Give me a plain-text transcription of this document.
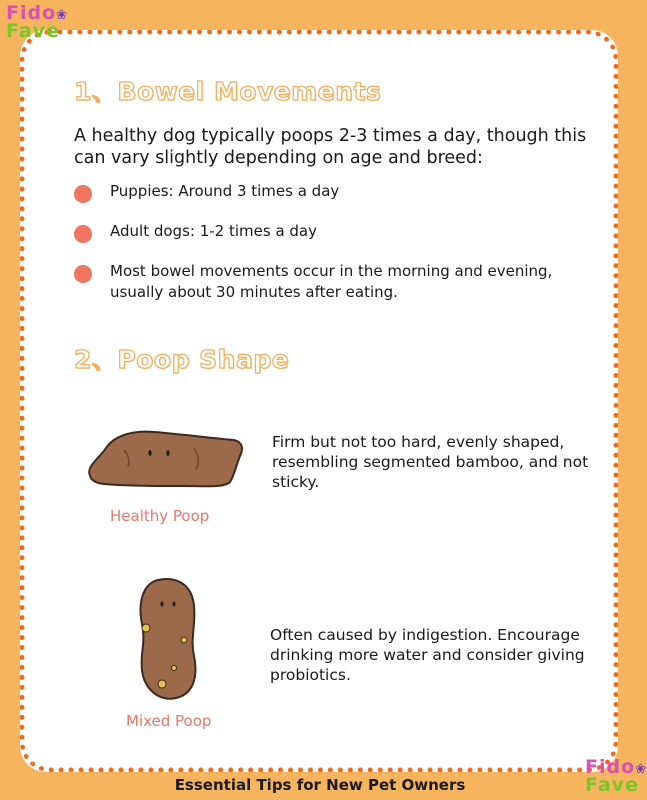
Fido❀
Fave
1、Bowel Movements
A healthy dog typically poops 2-3 times a day, though this can vary slightly depending on age and breed:
Puppies: Around 3 times a day
Adult dogs: 1-2 times a day
Most bowel movements occur in the morning and evening, usually about 30 minutes after eating.
2、Poop Shape
Firm but not too hard, evenly shaped, resembling segmented bamboo, and not sticky.
Healthy Poop
Often caused by indigestion. Encourage drinking more water and consider giving probiotics.
Mixed Poop
Essential Tips for New Pet Owners
Fido❀
Fave
